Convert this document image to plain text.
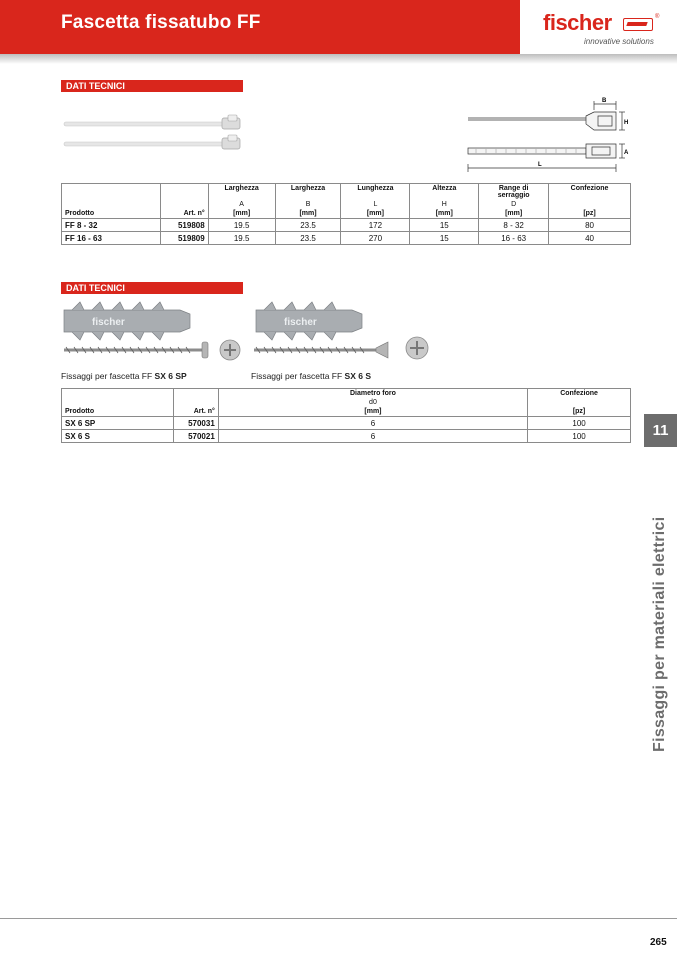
Fascetta fissatubo FF	fischer	®
innovative solutions
DATI TECNICI
B
H
A
L
		Larghezza	Larghezza	Lunghezza	Altezza	Range di serraggio	Confezione
		A	B	L	H	D	
Prodotto	Art. n°	[mm]	[mm]	[mm]	[mm]	[mm]	[pz]
FF 8 - 32	519808	19.5	23.5	172	15	8 - 32	80
FF 16 - 63	519809	19.5	23.5	270	15	16 - 63	40
DATI TECNICI
fischer	fischer
Fissaggi per fascetta FF SX 6 SP	Fissaggi per fascetta FF SX 6 S
		Diametro foro	Confezione
		d0	
Prodotto	Art. n°	[mm]	[pz]
SX 6 SP	570031	6	100
SX 6 S	570021	6	100	11
Fissaggi per materiali elettrici
265
